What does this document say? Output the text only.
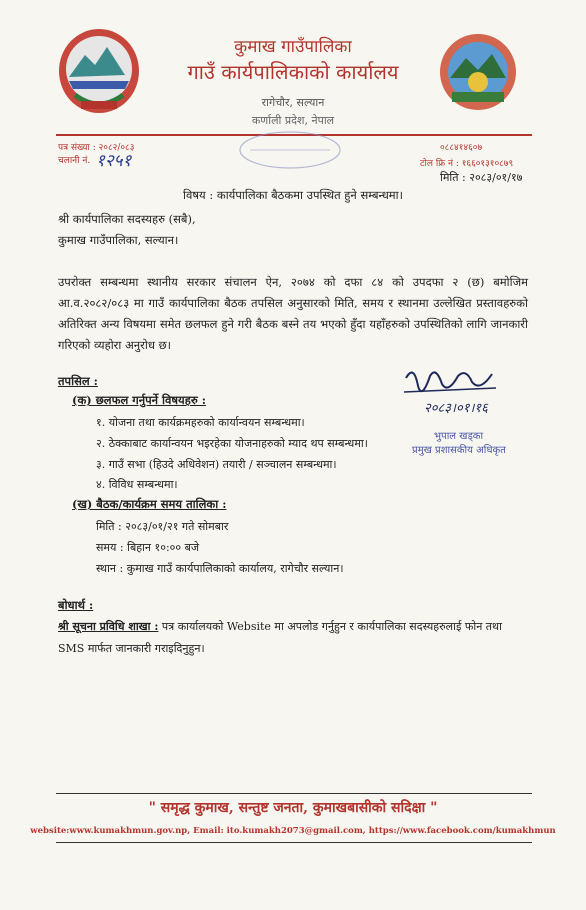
कुमाख गाउँपालिका
गाउँ कार्यपालिकाको कार्यालय
रागेचौर, सल्यान
कर्णाली प्रदेश, नेपाल
पत्र संख्या : २०८२/०८३
चलानी नं. १२५१
०८८४१४६०७
टोल फ्रि नं : १६६०१३१०८७९
मिति : २०८३/०१/१७
विषय : कार्यपालिका बैठकमा उपस्थित हुने सम्बन्धमा।
श्री कार्यपालिका सदस्यहरु (सबै),
कुमाख गाउँपालिका, सल्यान।
उपरोक्त सम्बन्धमा स्थानीय सरकार संचालन ऐन, २०७४ को दफा ८४ को उपदफा २ (छ) बमोजिम आ.व.२०८२/०८३ मा गाउँ कार्यपालिका बैठक तपसिल अनुसारको मिति, समय र स्थानमा उल्लेखित प्रस्तावहरुको अतिरिक्त अन्य विषयमा समेत छलफल हुने गरी बैठक बस्ने तय भएको हुँदा यहाँहरुको उपस्थितिको लागि जानकारी गरिएको व्यहोरा अनुरोध छ।
तपसिल :
(क) छलफल गर्नुपर्ने विषयहरु :
१. योजना तथा कार्यक्रमहरुको कार्यान्वयन सम्बन्धमा।
२. ठेक्काबाट कार्यान्वयन भइरहेका योजनाहरुको म्याद थप सम्बन्धमा।
३. गाउँ सभा (हिउदे अधिवेशन) तयारी / सञ्चालन सम्बन्धमा।
४. विविध सम्बन्धमा।
(ख) बैठक/कार्यक्रम समय तालिका :
मिति : २०८३/०१/२१ गते सोमबार
समय : बिहान १०:०० बजे
स्थान : कुमाख गाउँ कार्यपालिकाको कार्यालय, रागेचौर सल्यान।
२०८३।०१।१६
भुपाल खड्का
प्रमुख प्रशासकीय अधिकृत
बोधार्थ :
श्री सूचना प्रविधि शाखा : पत्र कार्यालयको Website मा अपलोड गर्नुहुन र कार्यपालिका सदस्यहरुलाई फोन तथा
SMS मार्फत जानकारी गराइदिनुहुन।
" समृद्ध कुमाख, सन्तुष्ट जनता, कुमाखबासीको सदिक्षा "
website:www.kumakhmun.gov.np, Email: ito.kumakh2073@gmail.com, https://www.facebook.com/kumakhmun
